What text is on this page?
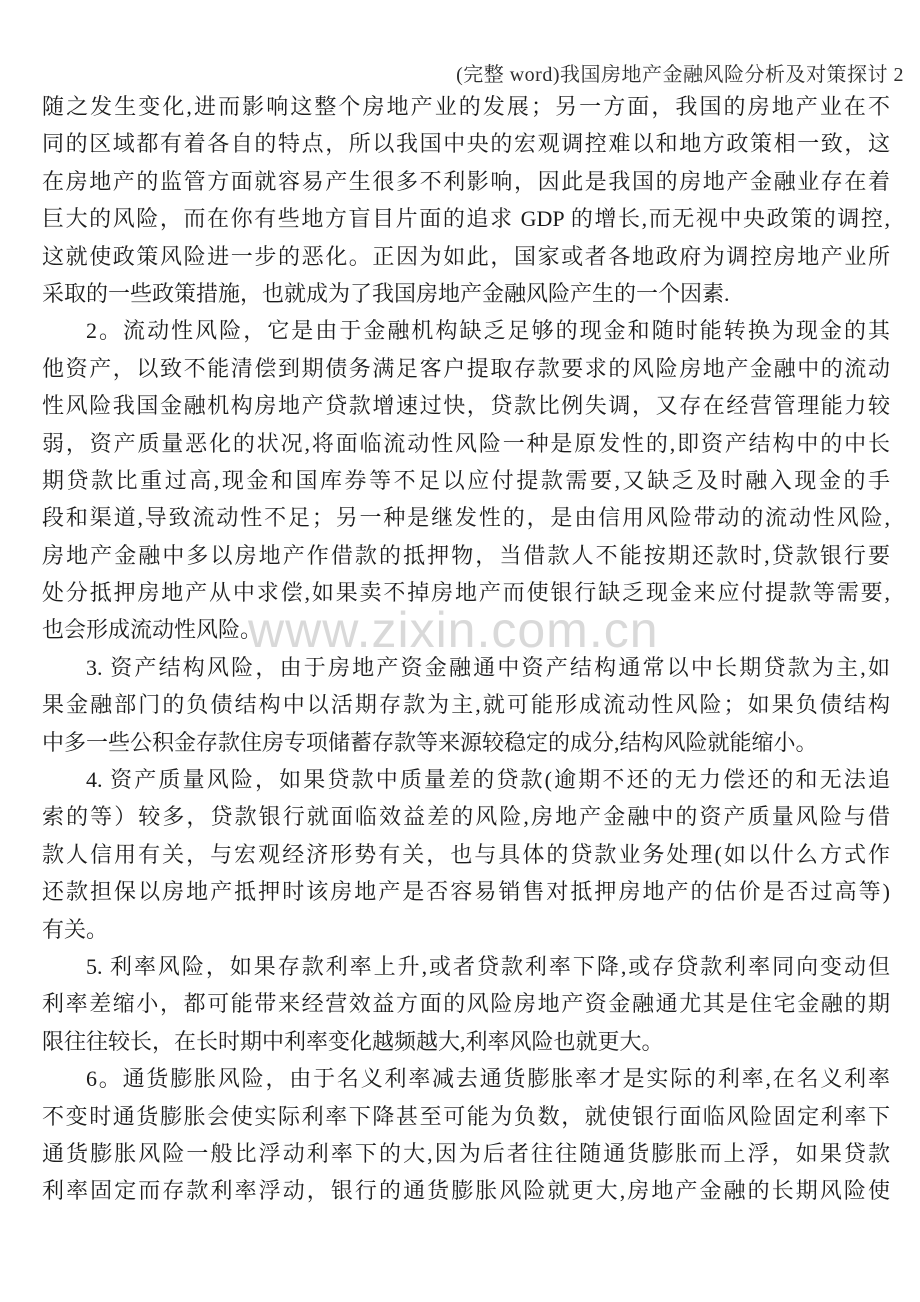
(完整 word)我国房地产金融风险分析及对策探讨 2
www.zixin.com.cn
随之发生变化,进而影响这整个房地产业的发展；另一方面，我国的房地产业在不
同的区域都有着各自的特点，所以我国中央的宏观调控难以和地方政策相一致，这
在房地产的监管方面就容易产生很多不利影响，因此是我国的房地产金融业存在着
巨大的风险，而在你有些地方盲目片面的追求 GDP 的增长,而无视中央政策的调控,
这就使政策风险进一步的恶化。正因为如此，国家或者各地政府为调控房地产业所
采取的一些政策措施，也就成为了我国房地产金融风险产生的一个因素.
2。流动性风险，它是由于金融机构缺乏足够的现金和随时能转换为现金的其
他资产，以致不能清偿到期债务满足客户提取存款要求的风险房地产金融中的流动
性风险我国金融机构房地产贷款增速过快，贷款比例失调，又存在经营管理能力较
弱，资产质量恶化的状况,将面临流动性风险一种是原发性的,即资产结构中的中长
期贷款比重过高,现金和国库券等不足以应付提款需要,又缺乏及时融入现金的手
段和渠道,导致流动性不足；另一种是继发性的，是由信用风险带动的流动性风险,
房地产金融中多以房地产作借款的抵押物，当借款人不能按期还款时,贷款银行要
处分抵押房地产从中求偿,如果卖不掉房地产而使银行缺乏现金来应付提款等需要,
也会形成流动性风险。
3. 资产结构风险，由于房地产资金融通中资产结构通常以中长期贷款为主,如
果金融部门的负债结构中以活期存款为主,就可能形成流动性风险；如果负债结构
中多一些公积金存款住房专项储蓄存款等来源较稳定的成分,结构风险就能缩小。
4. 资产质量风险，如果贷款中质量差的贷款(逾期不还的无力偿还的和无法追
索的等）较多，贷款银行就面临效益差的风险,房地产金融中的资产质量风险与借
款人信用有关，与宏观经济形势有关，也与具体的贷款业务处理(如以什么方式作
还款担保以房地产抵押时该房地产是否容易销售对抵押房地产的估价是否过高等)
有关。
5. 利率风险，如果存款利率上升,或者贷款利率下降,或存贷款利率同向变动但
利率差缩小，都可能带来经营效益方面的风险房地产资金融通尤其是住宅金融的期
限往往较长，在长时期中利率变化越频越大,利率风险也就更大。
6。通货膨胀风险，由于名义利率减去通货膨胀率才是实际的利率,在名义利率
不变时通货膨胀会使实际利率下降甚至可能为负数，就使银行面临风险固定利率下
通货膨胀风险一般比浮动利率下的大,因为后者往往随通货膨胀而上浮，如果贷款
利率固定而存款利率浮动，银行的通货膨胀风险就更大,房地产金融的长期风险使
